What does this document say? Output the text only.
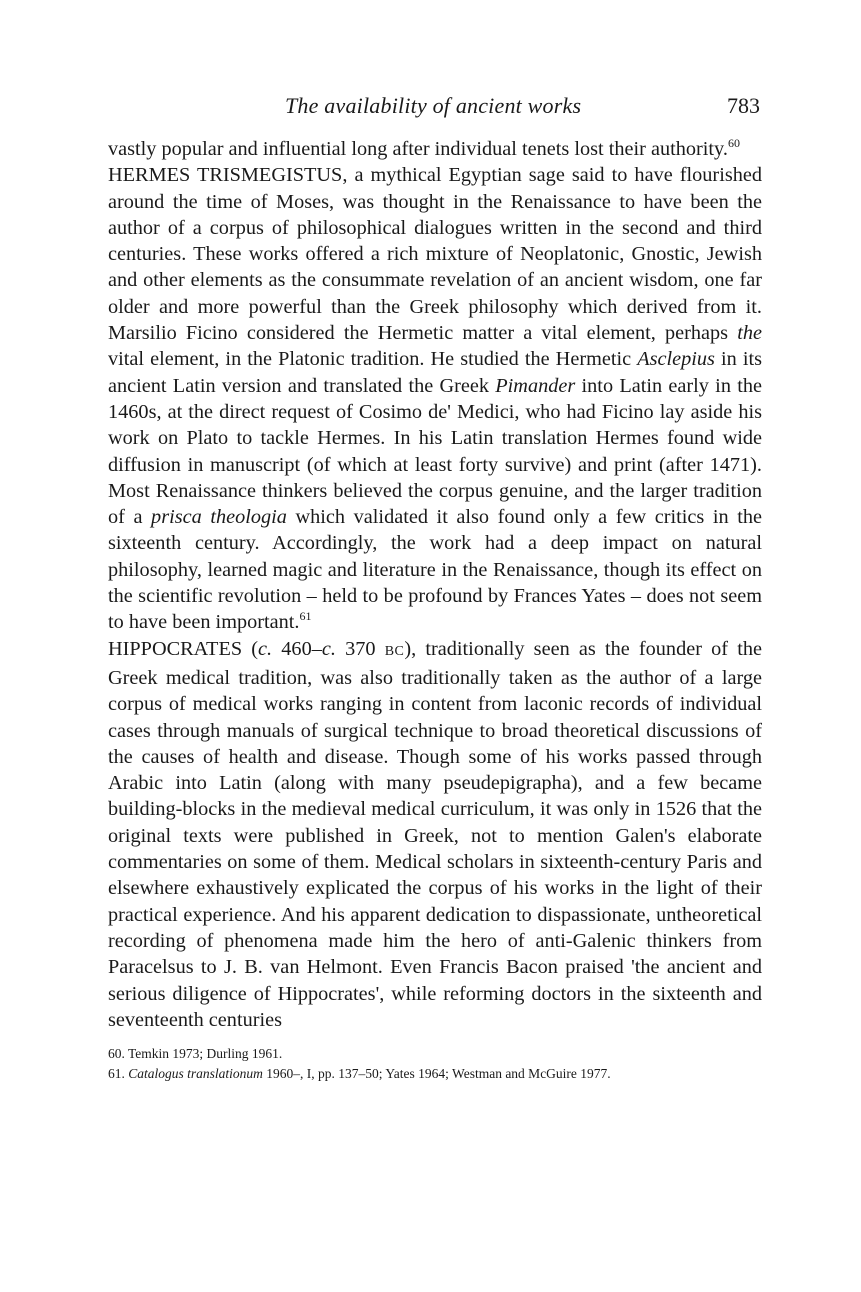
The availability of ancient works	783

vastly popular and influential long after individual tenets lost their authority.$^{60}$

HERMES TRISMEGISTUS, a mythical Egyptian sage said to have flourished around the time of Moses, was thought in the Renaissance to have been the author of a corpus of philosophical dialogues written in the second and third centuries. These works offered a rich mixture of Neoplatonic, Gnostic, Jewish and other elements as the consummate revelation of an ancient wisdom, one far older and more powerful than the Greek philosophy which derived from it. Marsilio Ficino considered the Hermetic matter a vital element, perhaps the vital element, in the Platonic tradition. He studied the Hermetic Asclepius in its ancient Latin version and translated the Greek Pimander into Latin early in the 1460s, at the direct request of Cosimo de' Medici, who had Ficino lay aside his work on Plato to tackle Hermes. In his Latin translation Hermes found wide diffusion in manuscript (of which at least forty survive) and print (after 1471). Most Renaissance thinkers believed the corpus genuine, and the larger tradition of a prisca theologia which validated it also found only a few critics in the sixteenth century. Accordingly, the work had a deep impact on natural philosophy, learned magic and literature in the Renaissance, though its effect on the scientific revolution – held to be profound by Frances Yates – does not seem to have been important.$^{61}$

HIPPOCRATES (c. 460–c. 370 BC), traditionally seen as the founder of the Greek medical tradition, was also traditionally taken as the author of a large corpus of medical works ranging in content from laconic records of individual cases through manuals of surgical technique to broad theoretical discussions of the causes of health and disease. Though some of his works passed through Arabic into Latin (along with many pseudepigrapha), and a few became building-blocks in the medieval medical curriculum, it was only in 1526 that the original texts were published in Greek, not to mention Galen's elaborate commentaries on some of them. Medical scholars in sixteenth-century Paris and elsewhere exhaustively explicated the corpus of his works in the light of their practical experience. And his apparent dedication to dispassionate, untheoretical recording of phenomena made him the hero of anti-Galenic thinkers from Paracelsus to J. B. van Helmont. Even Francis Bacon praised 'the ancient and serious diligence of Hippocrates', while reforming doctors in the sixteenth and seventeenth centuries

60. Temkin 1973; Durling 1961.

61. Catalogus translationum 1960–, I, pp. 137–50; Yates 1964; Westman and McGuire 1977.
